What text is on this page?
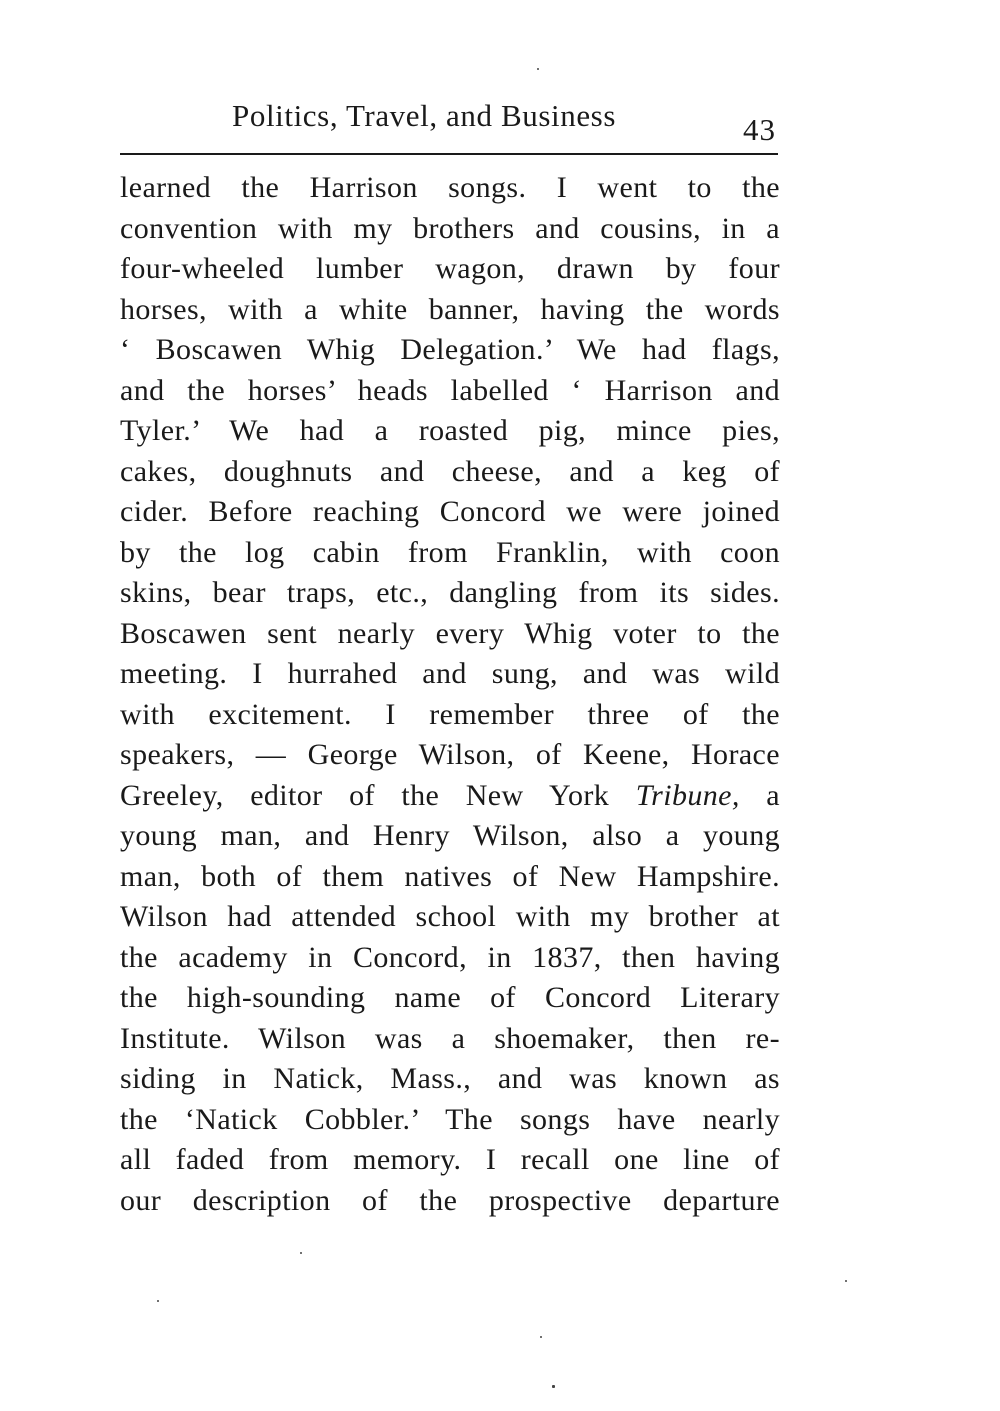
Politics, Travel, and Business	43
learned the Harrison songs. I went to the
convention with my brothers and cousins, in a
four-wheeled lumber wagon, drawn by four
horses, with a white banner, having the words
‘ Boscawen Whig Delegation.’ We had flags,
and the horses’ heads labelled ‘ Harrison and
Tyler.’ We had a roasted pig, mince pies,
cakes, doughnuts and cheese, and a keg of
cider. Before reaching Concord we were joined
by the log cabin from Franklin, with coon
skins, bear traps, etc., dangling from its sides.
Boscawen sent nearly every Whig voter to the
meeting. I hurrahed and sung, and was wild
with excitement. I remember three of the
speakers, — George Wilson, of Keene, Horace
Greeley, editor of the New York Tribune, a
young man, and Henry Wilson, also a young
man, both of them natives of New Hampshire.
Wilson had attended school with my brother at
the academy in Concord, in 1837, then having
the high-sounding name of Concord Literary
Institute. Wilson was a shoemaker, then re-
siding in Natick, Mass., and was known as
the ‘Natick Cobbler.’ The songs have nearly
all faded from memory. I recall one line of
our description of the prospective departure
